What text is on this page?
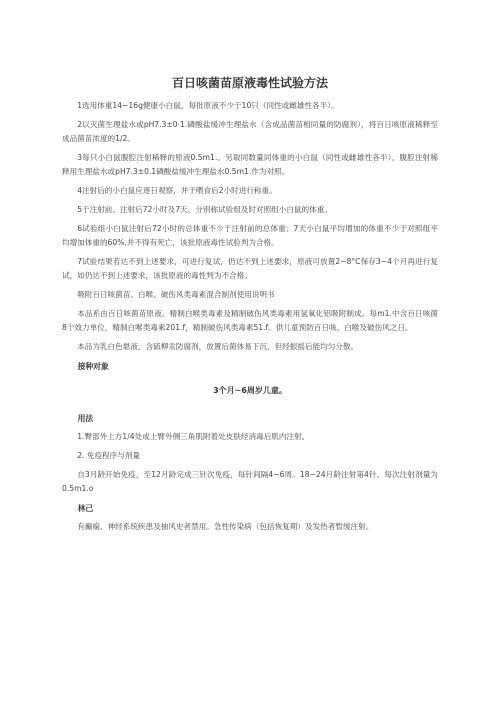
百日咳菌苗原液毒性试验方法

1选用体重14~16g健康小白鼠，每批原液不少于10只（同性或雌雄性各半）。

2以灭菌生理盐水或pH7.3±0·1.磷酸盐缓冲生理盐水（含成品菌苗相同量的防腐剂），将百日咳原液稀释至成品菌苗浓度的1/2。

3每只小白鼠腹腔注射稀释的原液0.5m1.。另取同数量同体重的小白鼠（同性或雌雄性各半），腹腔注射稀释用生理盐水或pH7.3±0.1磷酸盐缓冲生理盐水0.5m1.作为对照。

4注射后的小白鼠应逐日观察，并于喂食后2小时进行称重。

5于注射前、注射后72小时及7天，分别称试验组及时对照组小白鼠的体重。

6试验组小白鼠注射后72小时的总体重不少于注射前的总体重；7天小白鼠平均增加的体重不少于对照组平均增加体重的60%,并不得有死亡，该批原液毒性试验判为合格。

7试验结果若达不到上述要求，可进行复试，仍达不到上述要求，原液可放置2~8°C保存3~4个月再进行复试，如仍达不到上述要求，该批原液的毒性判为不合格。

吸附百日咳菌苗、白喉、破伤风类毒素混合制剂使用说明书

本品系由百日咳菌苗原液、精制白喉类毒素及精制破伤风类毒素用氢氧化铝吸附制成。每m1.中含百日咳菌8个效力单位，精制白喉类毒素201.f，精制破伤风类毒素51.f。供儿童预防百日咳、白喉及破伤风之日。

本品为乳白色悬液，含硫柳汞防腐剂，放置后菌体易下沉，但经振摇后能均匀分散。

接种对象

3个月~6周岁儿童。

用法

1.臀部外上方1/4处或上臂外侧三角肌附着处皮肤经消毒后肌内注射。

2. 免疫程序与剂量

自3月龄开始免疫，至12月龄完成三针次免疫，每针间隔4~6周。18~24月龄注射第4针。每次注射剂量为0.5m1.o

林己

有癫痫、神经系统疾患及抽风史者禁用。急性传染病（包括恢复期）及发热者暂缓注射。
